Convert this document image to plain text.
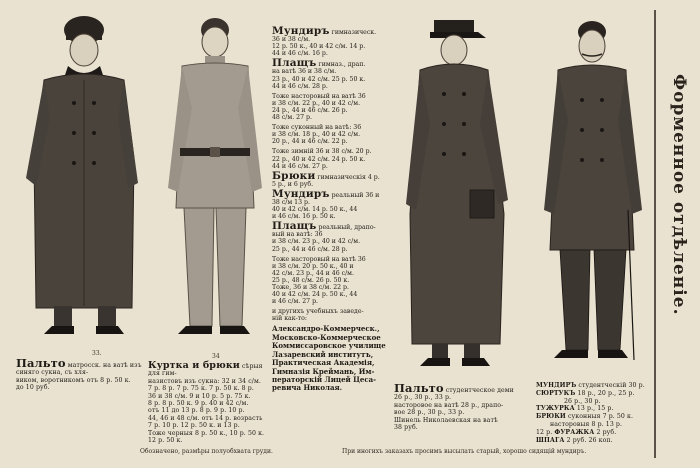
33.	34
Мундиръ гимназическ.
36 и 38 с/м.
12 р. 50 к., 40 и 42 с/м. 14 р.
44 и 46 с/м. 16 р.

Плащъ гимназ., драп.
на ватѣ 36 и 38 с/м.
23 р., 40 и 42 с/м. 25 р. 50 к.
44 и 46 с/м. 28 р.

Тоже насторовый на ватѣ 36
и 38 с/м. 22 р., 40 и 42 с/м.
24 р., 44 и 46 с/м. 26 р.
48 с/м. 27 р.

Тоже суконный на ватѣ: 36
и 38 с/м. 18 р., 40 и 42 с/м.
20 р., 44 и 46 с/м. 22 р.

Тоже зимній 36 и 38 с/м. 20 р.
22 р., 40 и 42 с/м. 24 р. 50 к.
44 и 46 с/м. 27 р.

Брюки гимназическія 4 р.
5 р., и 6 руб.

Мундиръ реальный 36 и
38 с/м 13 р.
40 и 42 с/м. 14 р. 50 к., 44
и 46 с/м. 16 р. 50 к.

Плащъ реальный, драпо-
вый на ватѣ: 36
и 38 с/м. 23 р., 40 и 42 с/м.
25 р., 44 и 46 с/м. 28 р.

Тоже насторовый на ватѣ 36
и 38 с/м. 20 р. 50 к., 40 и
42 с/м. 23 р., 44 и 46 с/м.
25 р., 48 с/м. 26 р. 50 к.
Тоже, 36 и 38 с/м. 22 р.
40 и 42 с/м. 24 р. 50 к., 44
и 46 с/м. 27 р.

и другихъ учебныхъ заведе-
ній как-то:

Александро-Коммерческ.,
Московско-Коммерческое
Коммиссаровское училище
Лазаревский институтъ,
Практическая Академія,
Гимназія Креймань, Им-
ператорскій Лицей Цеса-
ревича Николая.

Пальто матросск. на ватѣ изъ
синяго сукна, съ хля-
виком, воротникомъ отъ 8 р. 50 к.
до 10 руб.
Куртка и брюки сѣрыя для гим-
назистовъ изъ сукна: 32 и 34 с/м.
7 р. 8 р. 7 р. 75 к. 7 р. 50 к. 8 р.
36 и 38 с/м. 9 и 10 р. 5 р. 75 к.
8 р. 8 р. 50 к. 9 р. 40 и 42 с/м.
отъ 11 до 13 р. 8 р. 9 р. 10 р.
44, 46 и 48 с/м. отъ 14 р. возрасть
7 р. 10 р. 12 р. 50 к. и 13 р.
Тоже черныя 8 р. 50 к., 10 р. 50 к.
12 р. 50 к.
Пальто студентческое деми
26 р., 30 р., 33 р.
насторовое на ватѣ 28 р., драпо-
вое 28 р., 30 р., 33 р.
Шинель Николаевская на ватѣ
38 руб.
МУНДИРЪ студентческій 30 р.
СЮРТУКЪ 18 р., 20 р., 25 р.
26 р., 30 р.
ТУЖУРКА 13 р., 15 р.
БРЮКИ суконныя 7 р. 50 к.
насторовыя 8 р. 13 р.
12 р. ФУРАЖКА 2 руб.
ШПАГА 2 руб. 26 коп.
Форменное отдѣленіе.
Обозначено, размѣры полуобхвата груди.	При иногихъ заказахъ просимъ высылать старый, хорошо сидящій мундиръ.
